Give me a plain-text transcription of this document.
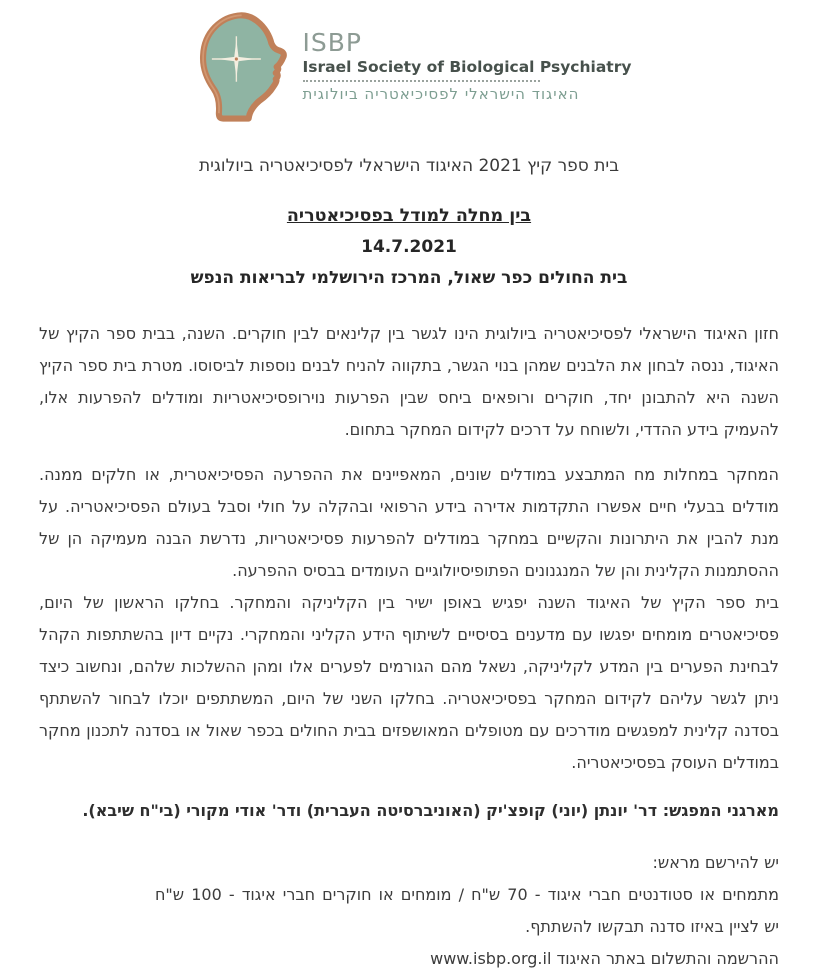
ISBP
Israel Society of Biological Psychiatry
האיגוד הישראלי לפסיכיאטריה ביולוגית
בית ספר קיץ 2021 האיגוד הישראלי לפסיכיאטריה ביולוגית
בין מחלה למודל בפסיכיאטריה
14.7.2021
בית החולים כפר שאול, המרכז הירושלמי לבריאות הנפש

חזון האיגוד הישראלי לפסיכיאטריה ביולוגית הינו לגשר בין קלינאים לבין חוקרים. השנה, בבית ספר הקיץ של האיגוד, ננסה לבחון את הלבנים שמהן בנוי הגשר, בתקווה להניח לבנים נוספות לביסוסו. מטרת בית ספר הקיץ השנה היא להתבונן יחד, חוקרים ורופאים ביחס שבין הפרעות נוירופסיכיאטריות ומודלים להפרעות אלו, להעמיק בידע ההדדי, ולשוחח על דרכים לקידום המחקר בתחום.

המחקר במחלות מח המתבצע במודלים שונים, המאפיינים את ההפרעה הפסיכיאטרית, או חלקים ממנה. מודלים בבעלי חיים אפשרו התקדמות אדירה בידע הרפואי ובהקלה על חולי וסבל בעולם הפסיכיאטריה. על מנת להבין את היתרונות והקשיים במחקר במודלים להפרעות פסיכיאטריות, נדרשת הבנה מעמיקה הן של ההסתמנות הקלינית והן של המנגנונים הפתופיסיולוגיים העומדים בבסיס ההפרעה.

בית ספר הקיץ של האיגוד השנה יפגיש באופן ישיר בין הקליניקה והמחקר. בחלקו הראשון של היום, פסיכיאטרים מומחים יפגשו עם מדענים בסיסיים לשיתוף הידע הקליני והמחקרי. נקיים דיון בהשתתפות הקהל לבחינת הפערים בין המדע לקליניקה, נשאל מהם הגורמים לפערים אלו ומהן ההשלכות שלהם, ונחשוב כיצד ניתן לגשר עליהם לקידום המחקר בפסיכיאטריה. בחלקו השני של היום, המשתתפים יוכלו לבחור להשתתף בסדנה קלינית למפגשים מודרכים עם מטופלים המאושפזים בבית החולים בכפר שאול או בסדנה לתכנון מחקר במודלים העוסק בפסיכיאטריה.

מארגני המפגש: דר' יונתן (יוני) קופצ'יק (האוניברסיטה העברית) ודר' אודי מקורי (בי"ח שיבא).

יש להירשם מראש:
מתמחים או סטודנטים חברי איגוד - 70 ש"ח / מומחים או חוקרים חברי איגוד - 100 ש"ח
יש לציין באיזו סדנה תבקשו להשתתף.
ההרשמה והתשלום באתר האיגוד www.isbp.org.il
